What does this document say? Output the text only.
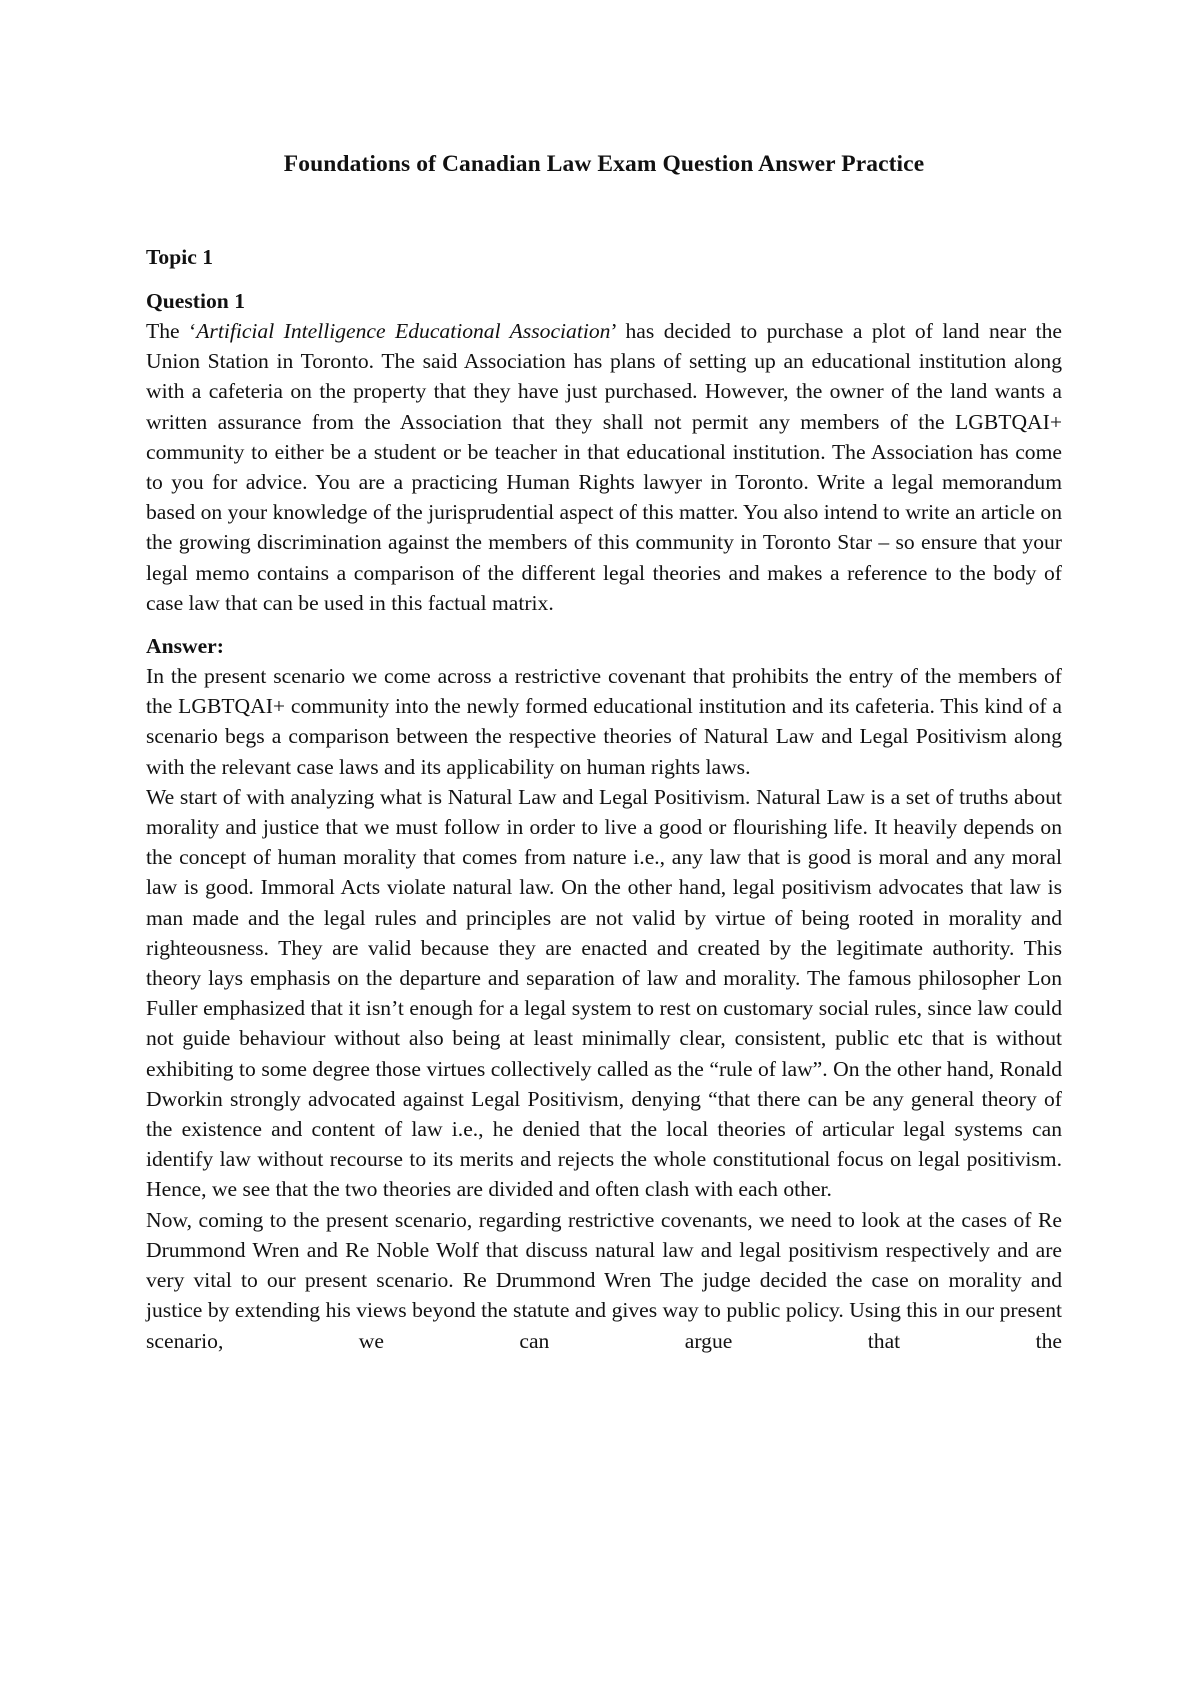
Foundations of Canadian Law Exam Question Answer Practice
Topic 1
Question 1

The ‘Artificial Intelligence Educational Association’ has decided to purchase a plot of land near the Union Station in Toronto. The said Association has plans of setting up an educational institution along with a cafeteria on the property that they have just purchased. However, the owner of the land wants a written assurance from the Association that they shall not permit any members of the LGBTQAI+ community to either be a student or be teacher in that educational institution. The Association has come to you for advice. You are a practicing Human Rights lawyer in Toronto. Write a legal memorandum based on your knowledge of the jurisprudential aspect of this matter. You also intend to write an article on the growing discrimination against the members of this community in Toronto Star – so ensure that your legal memo contains a comparison of the different legal theories and makes a reference to the body of case law that can be used in this factual matrix.

Answer:

In the present scenario we come across a restrictive covenant that prohibits the entry of the members of the LGBTQAI+ community into the newly formed educational institution and its cafeteria. This kind of a scenario begs a comparison between the respective theories of Natural Law and Legal Positivism along with the relevant case laws and its applicability on human rights laws.

We start of with analyzing what is Natural Law and Legal Positivism. Natural Law is a set of truths about morality and justice that we must follow in order to live a good or flourishing life. It heavily depends on the concept of human morality that comes from nature i.e., any law that is good is moral and any moral law is good. Immoral Acts violate natural law. On the other hand, legal positivism advocates that law is man made and the legal rules and principles are not valid by virtue of being rooted in morality and righteousness. They are valid because they are enacted and created by the legitimate authority. This theory lays emphasis on the departure and separation of law and morality. The famous philosopher Lon Fuller emphasized that it isn’t enough for a legal system to rest on customary social rules, since law could not guide behaviour without also being at least minimally clear, consistent, public etc that is without exhibiting to some degree those virtues collectively called as the “rule of law”. On the other hand, Ronald Dworkin strongly advocated against Legal Positivism, denying “that there can be any general theory of the existence and content of law i.e., he denied that the local theories of articular legal systems can identify law without recourse to its merits and rejects the whole constitutional focus on legal positivism. Hence, we see that the two theories are divided and often clash with each other.

Now, coming to the present scenario, regarding restrictive covenants, we need to look at the cases of Re Drummond Wren and Re Noble Wolf that discuss natural law and legal positivism respectively and are very vital to our present scenario. Re Drummond Wren The judge decided the case on morality and justice by extending his views beyond the statute and gives way to public policy. Using this in our present scenario, we can argue that the
